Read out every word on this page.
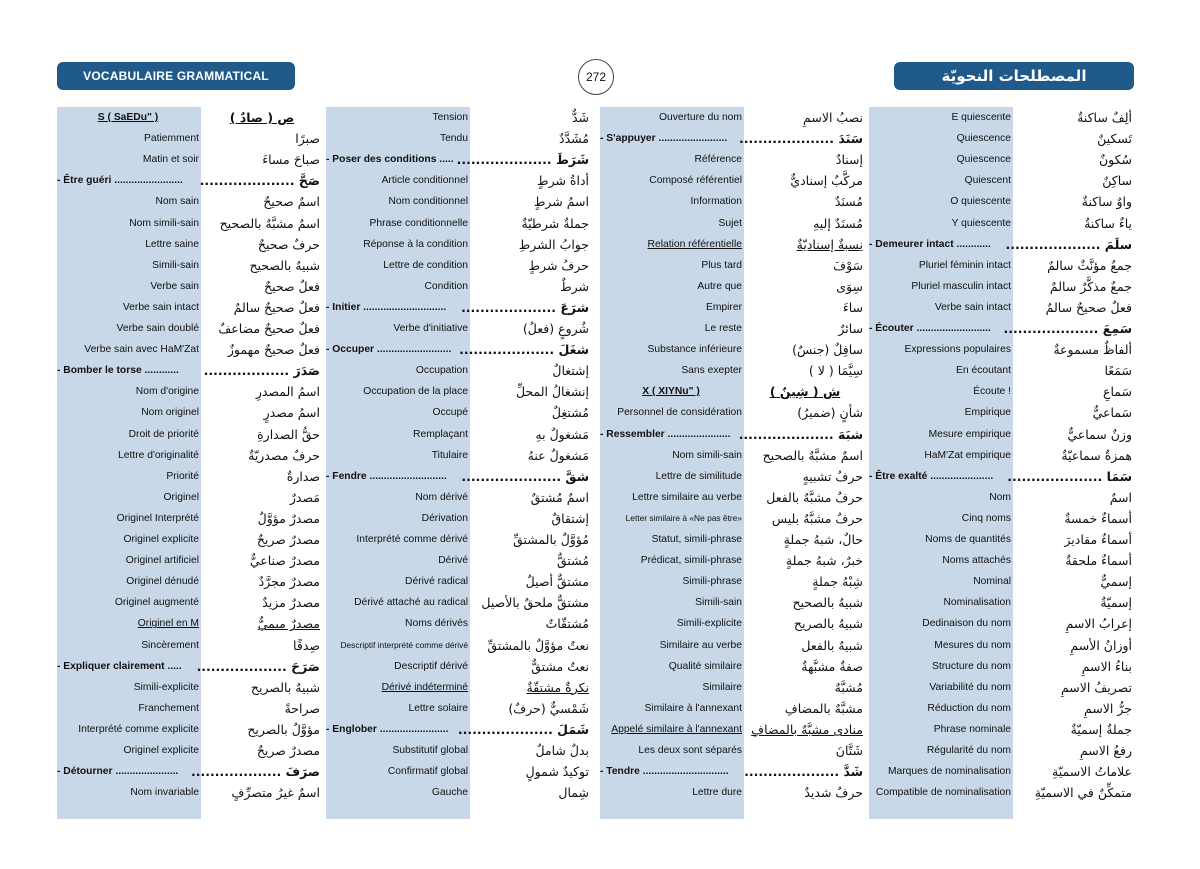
VOCABULAIRE GRAMMATICAL	272	المصطلحات النحويّة
S ( SaEDu" )	ص ( صادٌ )
Patiemment	صبرًا
Matin et soir	صباحَ مساءَ
- Être guéri ........................	صَحَّ ....................
Nom sain	اسمٌ صحيحٌ
Nom simili-sain	اسمٌ مشبَّهٌ بالصحيح
Lettre saine	حرفٌ صحيحٌ
Simili-sain	شبيهٌ بالصحيح
Verbe sain	فعلٌ صحيحٌ
Verbe sain intact	فعلٌ صحيحٌ سالمٌ
Verbe sain doublé	فعلٌ صحيحٌ مضاعفٌ
Verbe sain avec HaM'Zat	فعلٌ صحيحٌ مهموزٌ
- Bomber le torse ............	صَدَرَ ..................
Nom d'origine	اسمُ المصدرِ
Nom originel	اسمُ مصدرٍ
Droit de priorité	حقُّ الصدارةِ
Lettre d'originalité	حرفٌ مصدريّةٌ
Priorité	صدارةٌ
Originel	مَصدرٌ
Originel Interprété	مصدرٌ مؤوَّلٌ
Originel explicite	مصدرٌ صريحٌ
Originel artificiel	مصدرٌ صناعيٌّ
Originel dénudé	مصدرٌ مجرَّدٌ
Originel augmenté	مصدرٌ مزيدٌ
Originel en M	مصدرٌ ميميٌّ
Sincèrement	صِدقًا
- Expliquer clairement .....	صَرَحَ ...................
Simili-explicite	شبيهٌ بالصريح
Franchement	صراحةً
Interprété comme explicite	مؤوَّلٌ بالصريح
Originel explicite	مصدرٌ صريحٌ
- Détourner ......................	صرَفَ ...................
Nom invariable	اسمٌ غيرُ متصرِّفٍ
Tension	شَدٌّ
Tendu	مُشَدَّدٌ
- Poser des conditions ..... شَرَطَ ....................
Article conditionnel	أداةُ شرطٍ
Nom conditionnel	اسمُ شرطٍ
Phrase conditionnelle	جملةٌ شرطيّةٌ
Réponse à la condition	جوابُ الشرطِ
Lettre de condition	حرفُ شرطٍ
Condition	شرطٌ
- Initier .............................	شرَعَ ....................
Verbe d'initiative	شُروعٍ (فعلُ)
- Occuper .......................... شغَلَ ....................
Occupation	إشتغالٌ
Occupation de la place	إنشغالُ المحلِّ
Occupé	مُشتغِلٌ
Remplaçant	مَشغولٌ بهِ
Titulaire	مَشغولٌ عنهُ
- Fendre ...........................	شقَّ .....................
Nom dérivé	اسمٌ مُشتقٌ
Dérivation	إشتقاقٌ
Interprété comme dérivé	مُؤوَّلٌ بالمشتقِّ
Dérivé	مُشتقٌّ
Dérivé radical	مشتقٌّ أصيلٌ
Dérivé attaché au radical	مشتقٌّ ملحقٌ بالأصيل
Noms dérivés	مُشتقّاتٌ
Descriptif interprété comme dérivé	نعتٌ مؤوَّلٌ بالمشتقِّ
Descriptif dérivé	نعتٌ مشتقٌّ
Dérivé indéterminé	نكرةٌ مشتقّةٌ
Lettre solaire	شَمْسيٌّ (حرفٌ)
- Englober ........................ شَمَلَ ....................
Substitutif global	بدلٌ شاملٌ
Confirmatif global	توكيدٌ شمولٍ
Gauche	شِمال
Ouverture du nom	نصبُ الاسمِ
- S'appuyer ........................ سَنَدَ ....................
Référence	إسنادٌ
Composé référentiel	مركَّبٌ إسناديٌّ
Information	مُسنَدٌ
Sujet	مُسنَدٌ إليهِ
Relation référentielle	نِسبةٌ إسناديّةٌ
Plus tard	سَوْفَ
Autre que	سِوَى
Empirer	ساءَ
Le reste	سائرٌ
Substance inférieure	سافِلٌ (جنسٌ)
Sans exepter	سِيَّمَا ( لا )
X ( XIYNu" )	ش ( شِينٌ )
Personnel de considération	شأنٍ (ضميرُ)
- Ressembler ...................... شبَهَ ....................
Nom simili-sain	اسمٌ مشبَّهٌ بالصحيح
Lettre de similitude	حرفُ تشبيهٍ
Lettre similaire au verbe	حرفٌ مشبَّهٌ بالفعل
Letter similaire à «Ne pas être»	حرفٌ مشبَّهٌ بليس
Statut, simili-phrase	حالٌ، شبهُ جملةٍ
Prédicat, simili-phrase	خبرٌ، شبهُ جملةٍ
Simili-phrase	شِبْهُ جملةٍ
Simili-sain	شبيهٌ بالصحيح
Simili-explicite	شبيهٌ بالصريح
Similaire au verbe	شبيهٌ بالفعل
Qualité similaire	صفةٌ مشبَّهةٌ
Similaire	مُشبَّهٌ
Similaire à l'annexant	مشبَّهٌ بالمضافِ
Appelé similaire à l'annexant منادى مشبَّهٌ بالمضافِ
Les deux sont séparés	شَتَّانَ
- Tendre ..............................	شَدَّ ....................
Lettre dure	حرفٌ شديدٌ
E quiescente	ألِفٌ ساكنةٌ
Quiescence	تَسكينٌ
Quiescence	سُكونٌ
Quiescent	ساكِنٌ
O quiescente	واوٌ ساكنةٌ
Y quiescente	ياءٌ ساكنةٌ
- Demeurer intact ............	سلَمَ ....................
Pluriel féminin intact	جمعٌ مؤنَّثٌ سالمٌ
Pluriel masculin intact	جمعٌ مذكَّرٌ سالمٌ
Verbe sain intact	فعلٌ صحيحٌ سالمٌ
- Écouter ..........................	سَمِعَ ....................
Expressions populaires	ألفاظٌ مسموعةٌ
En écoutant	سَمَعًا
Écoute !	سَماعِ
Empirique	سَماعيٌّ
Mesure empirique	وزنٌ سماعيٌّ
HaM'Zat empirique	همزةٌ سماعيّةٌ
- Être exalté ......................	سَمَا ....................
Nom	اسمٌ
Cinq noms	أسماءٌ خمسةٌ
Noms de quantités	أسماءٌ مقاديرَ
Noms attachés	أسماءٌ ملحقةٌ
Nominal	إسميٌّ
Nominalisation	إسميّةٌ
Dedinaison du nom	إعرابُ الاسمِ
Mesures du nom	أوزانُ الأسمِ
Structure du nom	بناءُ الاسمِ
Variabilité du nom	تصريفُ الاسمِ
Réduction du nom	جرُّ الاسمِ
Phrase nominale	جملةٌ إسميّةٌ
Régularité du nom	رفعُ الاسمِ
Marques de nominalisation	علاماتُ الاسميّةِ
Compatible de nominalisation	متمكِّنٌ في الاسميّةِ
